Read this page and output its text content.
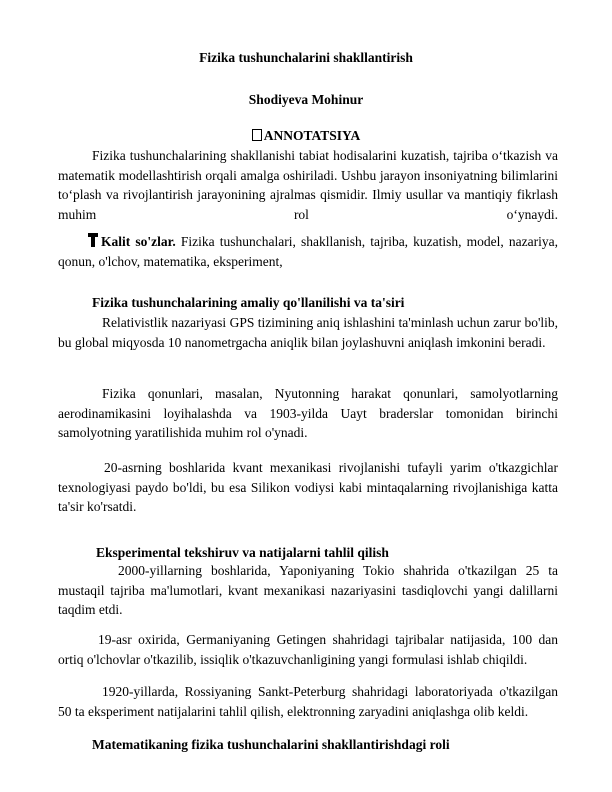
Fizika tushunchalarini shakllantirish
Shodiyeva Mohinur
ANNOTATSIYA
Fizika tushunchalarining shakllanishi tabiat hodisalarini kuzatish, tajriba o‘tkazish va matematik modellashtirish orqali amalga oshiriladi. Ushbu jarayon insoniyatning bilimlarini to‘plash va rivojlantirish jarayonining ajralmas qismidir. Ilmiy usullar va mantiqiy fikrlash muhim rol o‘ynaydi.
Kalit so'zlar. Fizika tushunchalari, shakllanish, tajriba, kuzatish, model, nazariya, qonun, o'lchov, matematika, eksperiment,
Fizika tushunchalarining amaliy qo'llanilishi va ta'siri
Relativistlik nazariyasi GPS tizimining aniq ishlashini ta'minlash uchun zarur bo'lib, bu global miqyosda 10 nanometrgacha aniqlik bilan joylashuvni aniqlash imkonini beradi.
Fizika qonunlari, masalan, Nyutonning harakat qonunlari, samolyotlarning aerodinamikasini loyihalashda va 1903-yilda Uayt braderslar tomonidan birinchi samolyotning yaratilishida muhim rol o'ynadi.
20-asrning boshlarida kvant mexanikasi rivojlanishi tufayli yarim o'tkazgichlar texnologiyasi paydo bo'ldi, bu esa Silikon vodiysi kabi mintaqalarning rivojlanishiga katta ta'sir ko'rsatdi.
Eksperimental tekshiruv va natijalarni tahlil qilish
2000-yillarning boshlarida, Yaponiyaning Tokio shahrida o'tkazilgan 25 ta mustaqil tajriba ma'lumotlari, kvant mexanikasi nazariyasini tasdiqlovchi yangi dalillarni taqdim etdi.
19-asr oxirida, Germaniyaning Getingen shahridagi tajribalar natijasida, 100 dan ortiq o'lchovlar o'tkazilib, issiqlik o'tkazuvchanligining yangi formulasi ishlab chiqildi.
1920-yillarda, Rossiyaning Sankt-Peterburg shahridagi laboratoriyada o'tkazilgan 50 ta eksperiment natijalarini tahlil qilish, elektronning zaryadini aniqlashga olib keldi.
Matematikaning fizika tushunchalarini shakllantirishdagi roli
